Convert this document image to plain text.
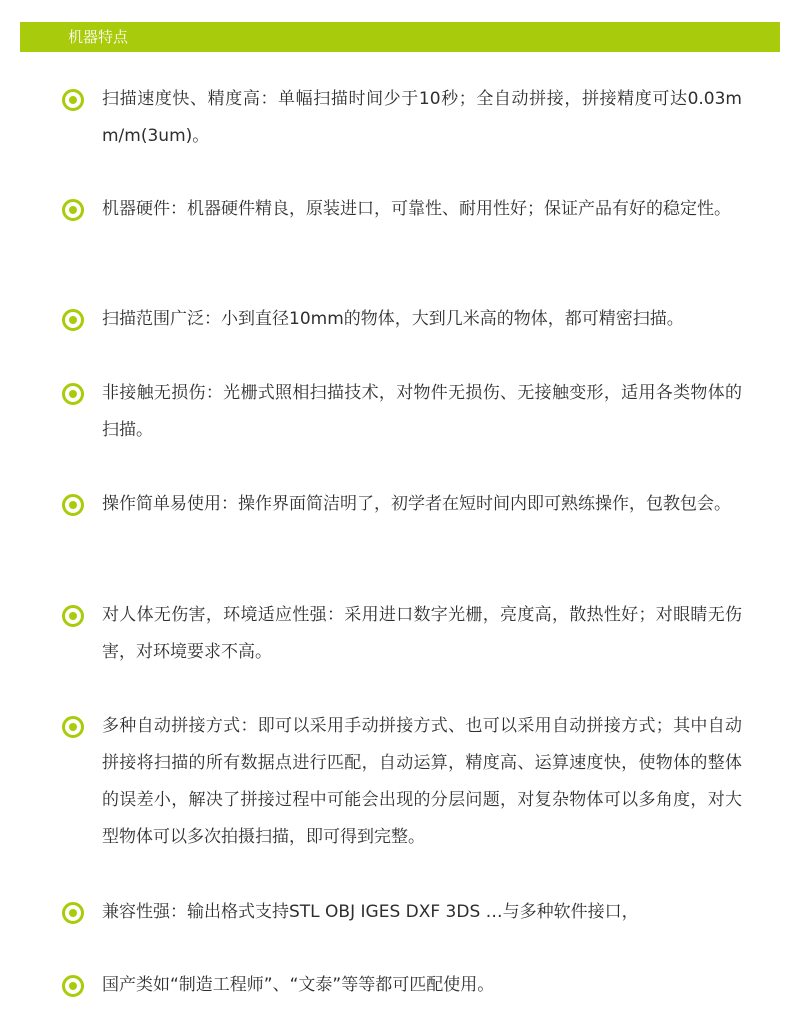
机器特点
扫描速度快、精度高：单幅扫描时间少于10秒；全自动拼接，拼接精度可达0.03mm/m(3um)。
机器硬件：机器硬件精良，原装进口，可靠性、耐用性好；保证产品有好的稳定性。
扫描范围广泛：小到直径10mm的物体，大到几米高的物体，都可精密扫描。
非接触无损伤：光栅式照相扫描技术，对物件无损伤、无接触变形，适用各类物体的扫描。
操作简单易使用：操作界面简洁明了，初学者在短时间内即可熟练操作，包教包会。
对人体无伤害，环境适应性强：采用进口数字光栅，亮度高，散热性好；对眼睛无伤害，对环境要求不高。
多种自动拼接方式：即可以采用手动拼接方式、也可以采用自动拼接方式；其中自动拼接将扫描的所有数据点进行匹配，自动运算，精度高、运算速度快，使物体的整体的误差小，解决了拼接过程中可能会出现的分层问题，对复杂物体可以多角度，对大型物体可以多次拍摄扫描，即可得到完整。
兼容性强：输出格式支持STL OBJ IGES DXF 3DS …与多种软件接口，
国产类如“制造工程师”、“文泰”等等都可匹配使用。
